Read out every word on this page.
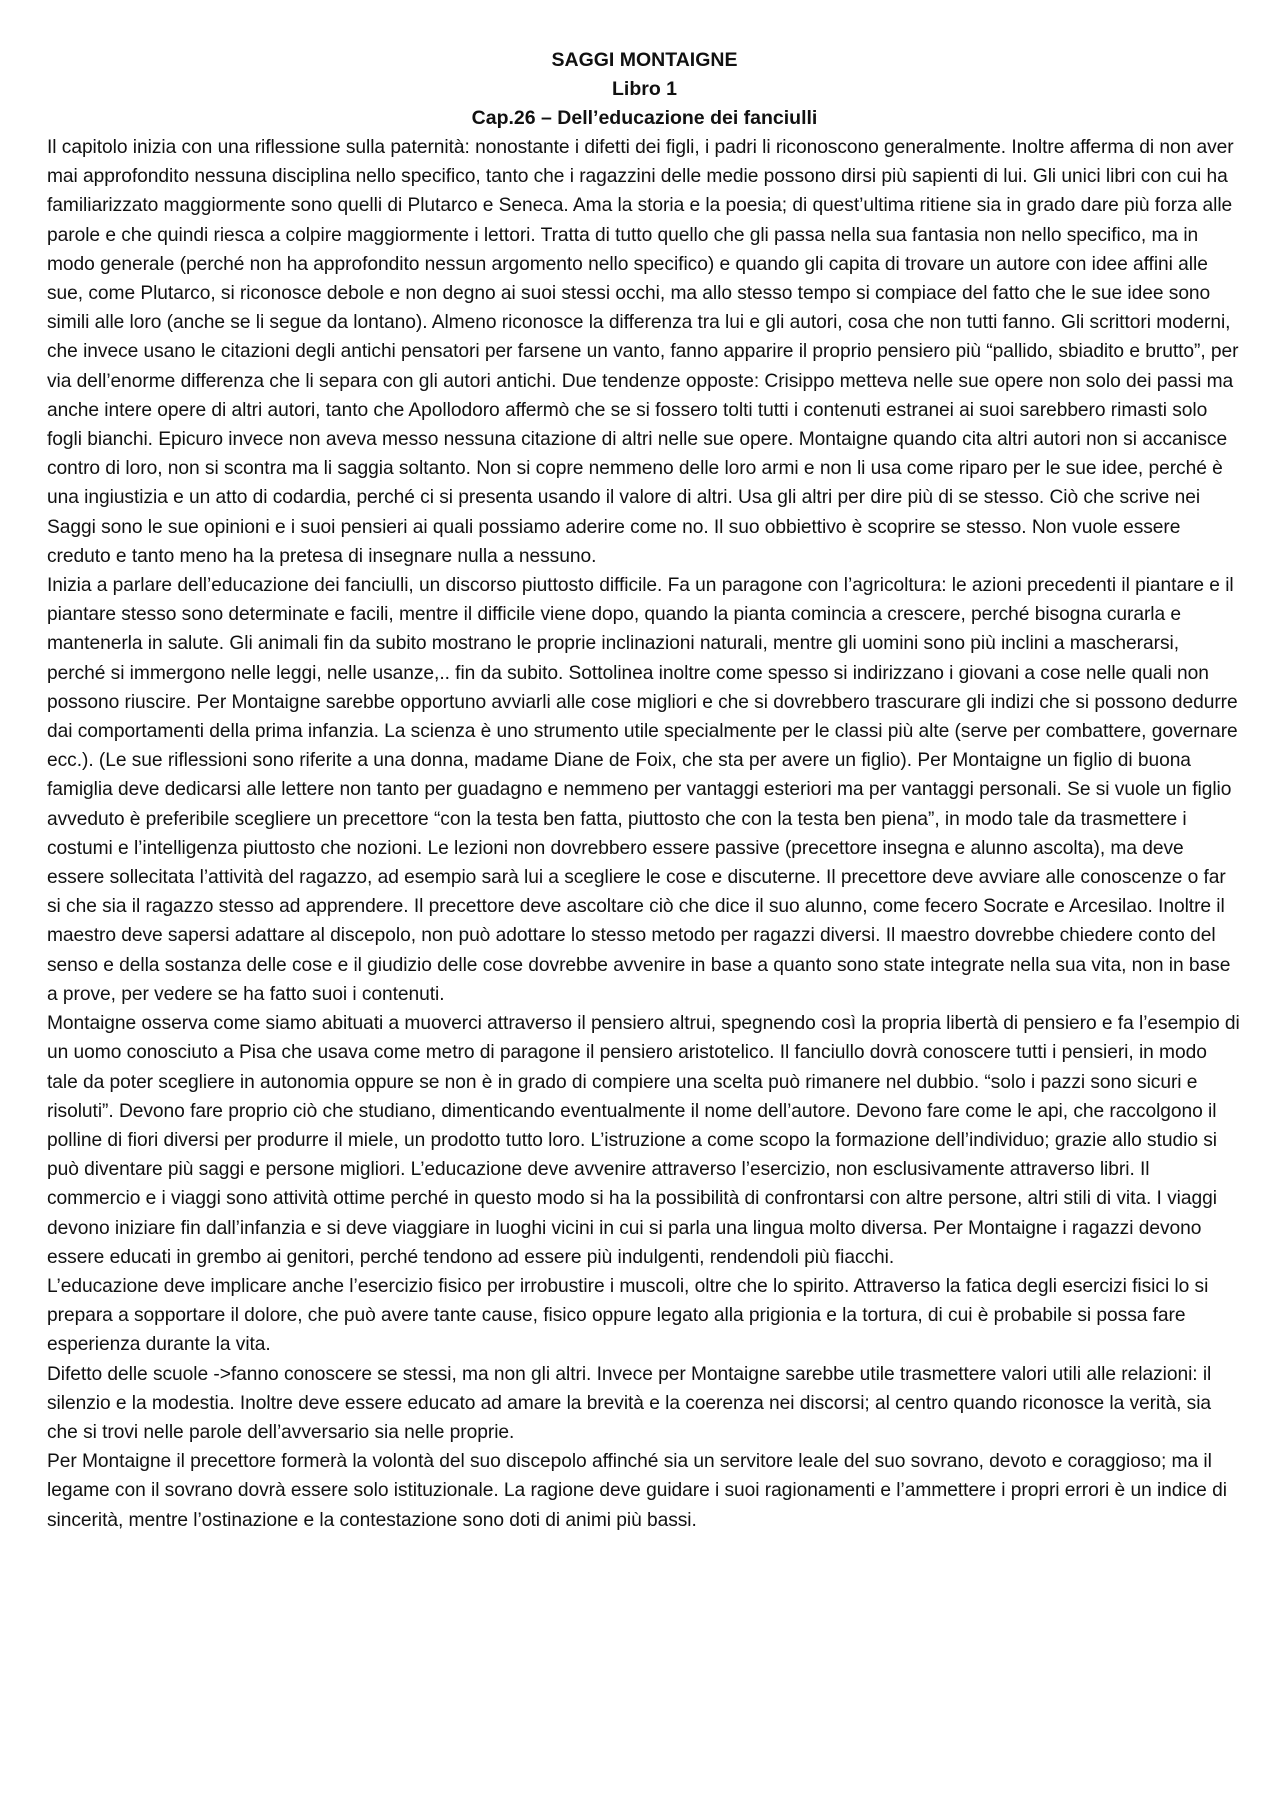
SAGGI MONTAIGNE
Libro 1
Cap.26 – Dell’educazione dei fanciulli

Il capitolo inizia con una riflessione sulla paternità: nonostante i difetti dei figli, i padri li riconoscono generalmente. Inoltre afferma di non aver mai approfondito nessuna disciplina nello specifico, tanto che i ragazzini delle medie possono dirsi più sapienti di lui. Gli unici libri con cui ha familiarizzato maggiormente sono quelli di Plutarco e Seneca. Ama la storia e la poesia; di quest’ultima ritiene sia in grado dare più forza alle parole e che quindi riesca a colpire maggiormente i lettori. Tratta di tutto quello che gli passa nella sua fantasia non nello specifico, ma in modo generale (perché non ha approfondito nessun argomento nello specifico) e quando gli capita di trovare un autore con idee affini alle sue, come Plutarco, si riconosce debole e non degno ai suoi stessi occhi, ma allo stesso tempo si compiace del fatto che le sue idee sono simili alle loro (anche se li segue da lontano). Almeno riconosce la differenza tra lui e gli autori, cosa che non tutti fanno. Gli scrittori moderni, che invece usano le citazioni degli antichi pensatori per farsene un vanto, fanno apparire il proprio pensiero più “pallido, sbiadito e brutto”, per via dell’enorme differenza che li separa con gli autori antichi. Due tendenze opposte: Crisippo metteva nelle sue opere non solo dei passi ma anche intere opere di altri autori, tanto che Apollodoro affermò che se si fossero tolti tutti i contenuti estranei ai suoi sarebbero rimasti solo fogli bianchi. Epicuro invece non aveva messo nessuna citazione di altri nelle sue opere. Montaigne quando cita altri autori non si accanisce contro di loro, non si scontra ma li saggia soltanto. Non si copre nemmeno delle loro armi e non li usa come riparo per le sue idee, perché è una ingiustizia e un atto di codardia, perché ci si presenta usando il valore di altri. Usa gli altri per dire più di se stesso. Ciò che scrive nei Saggi sono le sue opinioni e i suoi pensieri ai quali possiamo aderire come no. Il suo obbiettivo è scoprire se stesso. Non vuole essere creduto e tanto meno ha la pretesa di insegnare nulla a nessuno.

Inizia a parlare dell’educazione dei fanciulli, un discorso piuttosto difficile. Fa un paragone con l’agricoltura: le azioni precedenti il piantare e il piantare stesso sono determinate e facili, mentre il difficile viene dopo, quando la pianta comincia a crescere, perché bisogna curarla e mantenerla in salute. Gli animali fin da subito mostrano le proprie inclinazioni naturali, mentre gli uomini sono più inclini a mascherarsi, perché si immergono nelle leggi, nelle usanze,.. fin da subito. Sottolinea inoltre come spesso si indirizzano i giovani a cose nelle quali non possono riuscire. Per Montaigne sarebbe opportuno avviarli alle cose migliori e che si dovrebbero trascurare gli indizi che si possono dedurre dai comportamenti della prima infanzia. La scienza è uno strumento utile specialmente per le classi più alte (serve per combattere, governare ecc.). (Le sue riflessioni sono riferite a una donna, madame Diane de Foix, che sta per avere un figlio). Per Montaigne un figlio di buona famiglia deve dedicarsi alle lettere non tanto per guadagno e nemmeno per vantaggi esteriori ma per vantaggi personali. Se si vuole un figlio avveduto è preferibile scegliere un precettore “con la testa ben fatta, piuttosto che con la testa ben piena”, in modo tale da trasmettere i costumi e l’intelligenza piuttosto che nozioni. Le lezioni non dovrebbero essere passive (precettore insegna e alunno ascolta), ma deve essere sollecitata l’attività del ragazzo, ad esempio sarà lui a scegliere le cose e discuterne. Il precettore deve avviare alle conoscenze o far si che sia il ragazzo stesso ad apprendere. Il precettore deve ascoltare ciò che dice il suo alunno, come fecero Socrate e Arcesilao. Inoltre il maestro deve sapersi adattare al discepolo, non può adottare lo stesso metodo per ragazzi diversi. Il maestro dovrebbe chiedere conto del senso e della sostanza delle cose e il giudizio delle cose dovrebbe avvenire in base a quanto sono state integrate nella sua vita, non in base a prove, per vedere se ha fatto suoi i contenuti.

Montaigne osserva come siamo abituati a muoverci attraverso il pensiero altrui, spegnendo così la propria libertà di pensiero e fa l’esempio di un uomo conosciuto a Pisa che usava come metro di paragone il pensiero aristotelico. Il fanciullo dovrà conoscere tutti i pensieri, in modo tale da poter scegliere in autonomia oppure se non è in grado di compiere una scelta può rimanere nel dubbio. “solo i pazzi sono sicuri e risoluti”. Devono fare proprio ciò che studiano, dimenticando eventualmente il nome dell’autore. Devono fare come le api, che raccolgono il polline di fiori diversi per produrre il miele, un prodotto tutto loro. L’istruzione a come scopo la formazione dell’individuo; grazie allo studio si può diventare più saggi e persone migliori. L’educazione deve avvenire attraverso l’esercizio, non esclusivamente attraverso libri. Il commercio e i viaggi sono attività ottime perché in questo modo si ha la possibilità di confrontarsi con altre persone, altri stili di vita. I viaggi devono iniziare fin dall’infanzia e si deve viaggiare in luoghi vicini in cui si parla una lingua molto diversa. Per Montaigne i ragazzi devono essere educati in grembo ai genitori, perché tendono ad essere più indulgenti, rendendoli più fiacchi.

L’educazione deve implicare anche l’esercizio fisico per irrobustire i muscoli, oltre che lo spirito. Attraverso la fatica degli esercizi fisici lo si prepara a sopportare il dolore, che può avere tante cause, fisico oppure legato alla prigionia e la tortura, di cui è probabile si possa fare esperienza durante la vita.

Difetto delle scuole ->fanno conoscere se stessi, ma non gli altri. Invece per Montaigne sarebbe utile trasmettere valori utili alle relazioni: il silenzio e la modestia. Inoltre deve essere educato ad amare la brevità e la coerenza nei discorsi; al centro quando riconosce la verità, sia che si trovi nelle parole dell’avversario sia nelle proprie.

Per Montaigne il precettore formerà la volontà del suo discepolo affinché sia un servitore leale del suo sovrano, devoto e coraggioso; ma il legame con il sovrano dovrà essere solo istituzionale. La ragione deve guidare i suoi ragionamenti e l’ammettere i propri errori è un indice di sincerità, mentre l’ostinazione e la contestazione sono doti di animi più bassi.
